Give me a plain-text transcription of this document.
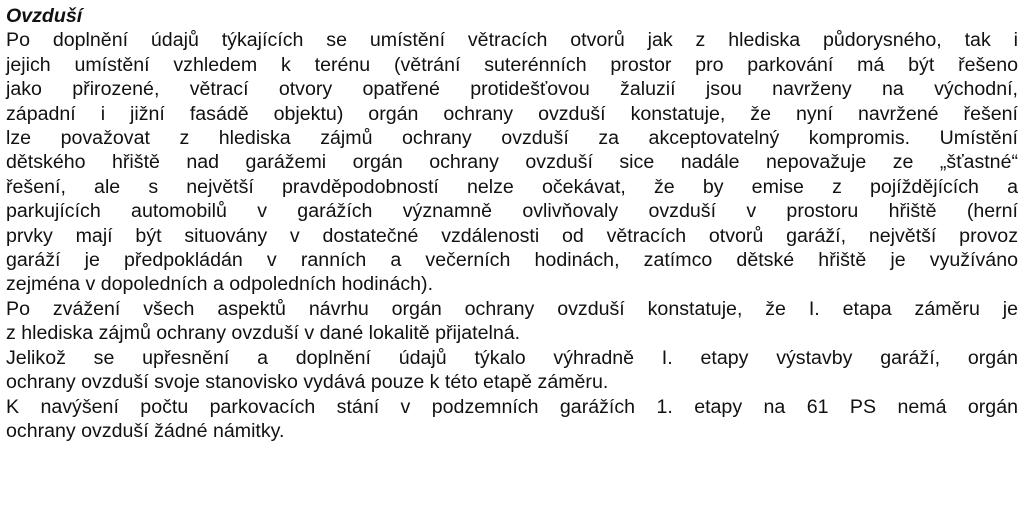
Ovzduší
Po doplnění údajů týkajících se umístění větracích otvorů jak z hlediska půdorysného, tak i
jejich umístění vzhledem k terénu (větrání suterénních prostor pro parkování má být řešeno
jako přirozené, větrací otvory opatřené protidešťovou žaluzií jsou navrženy na východní,
západní i jižní fasádě objektu) orgán ochrany ovzduší konstatuje, že nyní navržené řešení
lze považovat z hlediska zájmů ochrany ovzduší za akceptovatelný kompromis. Umístění
dětského hřiště nad garážemi orgán ochrany ovzduší sice nadále nepovažuje ze „šťastné“
řešení, ale s největší pravděpodobností nelze očekávat, že by emise z pojíždějících a
parkujících automobilů v garážích významně ovlivňovaly ovzduší v prostoru hřiště (herní
prvky mají být situovány v dostatečné vzdálenosti od větracích otvorů garáží, největší provoz
garáží je předpokládán v ranních a večerních hodinách, zatímco dětské hřiště je využíváno
zejména v dopoledních a odpoledních hodinách).
Po zvážení všech aspektů návrhu orgán ochrany ovzduší konstatuje, že I. etapa záměru je
z hlediska zájmů ochrany ovzduší v dané lokalitě přijatelná.
Jelikož se upřesnění a doplnění údajů týkalo výhradně I. etapy výstavby garáží, orgán
ochrany ovzduší svoje stanovisko vydává pouze k této etapě záměru.
K navýšení počtu parkovacích stání v podzemních garážích 1. etapy na 61 PS nemá orgán
ochrany ovzduší žádné námitky.
